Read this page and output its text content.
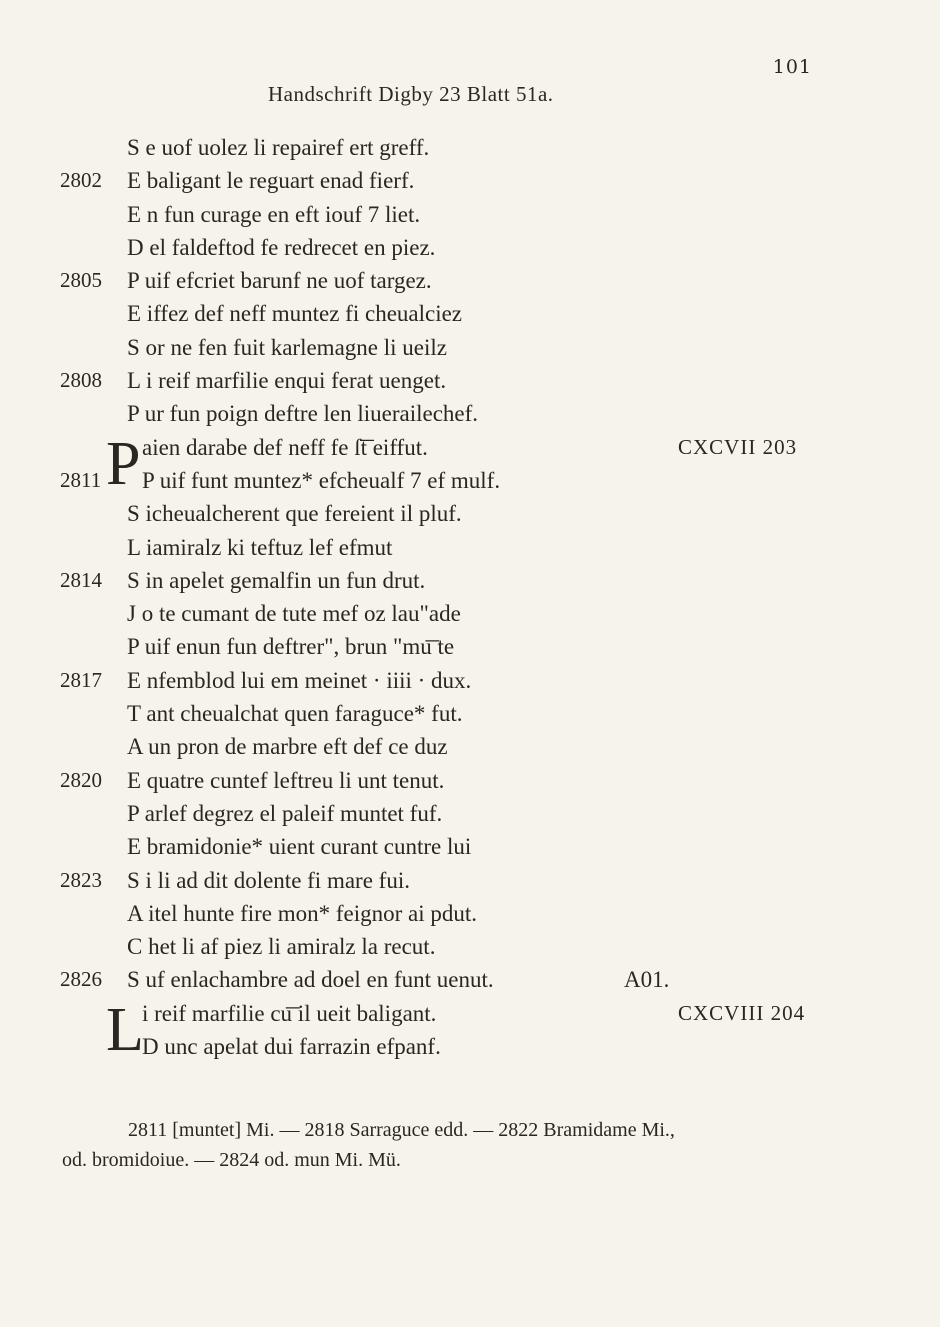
101
Handschrift Digby 23 Blatt 51a.
S e uof uolez li repairef ert greff.
2802 E baligant le reguart enad fierf.
E n fun curage en eft iouf 7 liet.
D el faldeftod fe redrecet en piez.
2805 P uif efcriet barunf ne uof targez.
E iffez def neff muntez fi cheualciez
S or ne fen fuit karlemagne li ueilz
2808 L i reif marfilie enqui ferat uenget.
P ur fun poign deftre len liuerailechef.
P aien darabe def neff fe ſ͞t eiffut.	CXCVII 203
2811 P uif funt muntez* efcheualf 7 ef mulf.
S icheualcherent que fereient il pluf.
L iamiralz ki teftuz lef efmut
2814 S in apelet gemalfin un fun drut.
J o te cumant de tute mef oz lau"ade
P uif enun fun deftrer", brun "mu͞ te
2817 E nfemblod lui em meinet · iiii · dux.
T ant cheualchat quen faraguce* fut.
A un pron de marbre eft def ce duz
2820 E quatre cuntef leftreu li unt tenut.
P arlef degrez el paleif muntet fuf.
E bramidonie* uient curant cuntre lui
2823 S i li ad dit dolente fi mare fui.
A itel hunte fire mon* feignor ai pdut.
C het li af piez li amiralz la recut.
2826 S uf enlachambre ad doel en funt uenut.	A01.
L
i reif marfilie cu͞ il ueit baligant.	CXCVIII 204
D unc apelat dui farrazin efpanf.
2811 [muntet] Mi. — 2818 Sarraguce edd. — 2822 Bramidame Mi.,
od. bromidoiue. — 2824 od. mun Mi. Mü.
